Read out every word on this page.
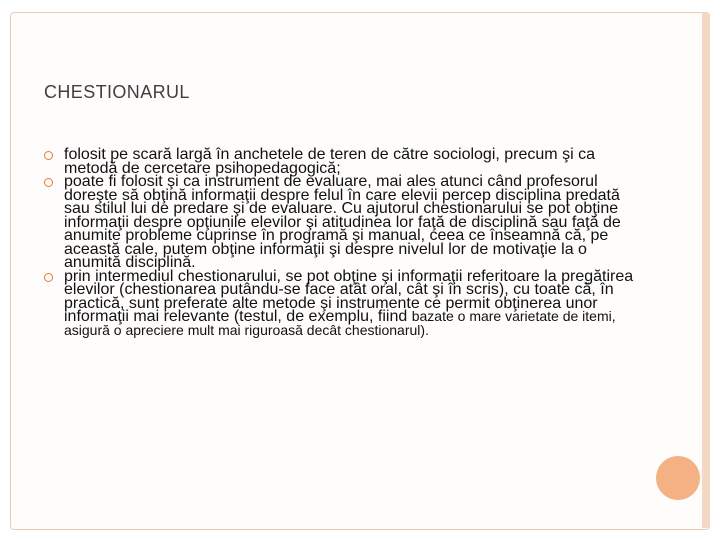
CHESTIONARUL
folosit pe scară largă în anchetele de teren de către sociologi, precum şi ca metodă de cercetare psihopedagogică;
poate fi folosit şi ca instrument de evaluare, mai ales atunci când profesorul doreşte să obţină informaţii despre felul în care elevii percep disciplina predată sau stilul lui de predare şi de evaluare. Cu ajutorul chestionarului se pot obţine informaţii despre opţiunile elevilor şi atitudinea lor faţă de disciplină sau faţă de anumite probleme cuprinse în programă şi manual, ceea ce înseamnă că, pe această cale, putem obţine informaţii şi despre nivelul lor de motivaţie la o anumită disciplină.
prin intermediul chestionarului, se pot obţine şi informaţii referitoare la pregătirea elevilor (chestionarea putându-se face atât oral, cât şi în scris), cu toate că, în practică, sunt preferate alte metode şi instrumente ce permit obţinerea unor informaţii mai relevante (testul, de exemplu, fiind bazate o mare varietate de itemi, asigură o apreciere mult mai riguroasă decât chestionarul).
